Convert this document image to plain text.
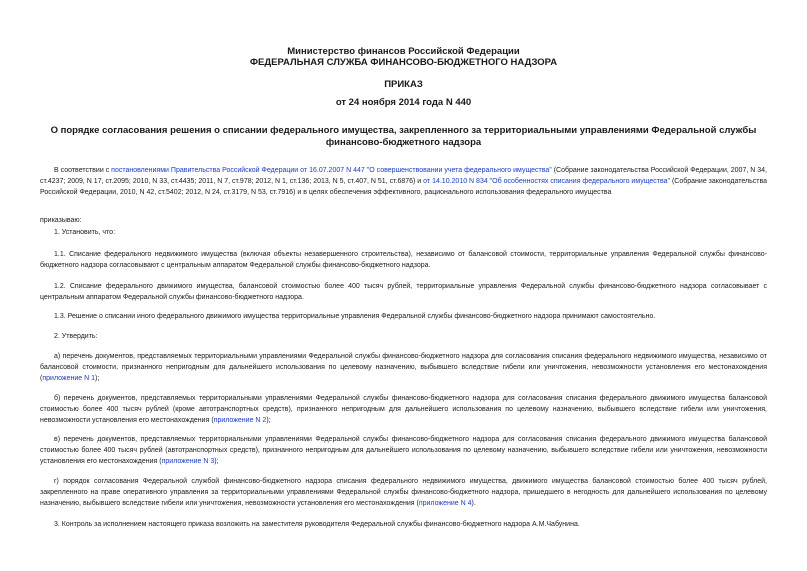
Министерство финансов Российской Федерации
ФЕДЕРАЛЬНАЯ СЛУЖБА ФИНАНСОВО-БЮДЖЕТНОГО НАДЗОРА
ПРИКАЗ
от 24 ноября 2014 года N 440
О порядке согласования решения о списании федерального имущества, закрепленного за территориальными управлениями Федеральной службы финансово-бюджетного надзора
В соответствии с постановлениями Правительства Российской Федерации от 16.07.2007 N 447 "О совершенствовании учета федерального имущества" (Собрание законодательства Российской Федерации, 2007, N 34, ст.4237; 2009, N 17, ст.2095; 2010, N 33, ст.4435; 2011, N 7, ст.978; 2012, N 1, ст.136; 2013, N 5, ст.407, N 51, ст.6876) и от 14.10.2010 N 834 "Об особенностях списания федерального имущества" (Собрание законодательства Российской Федерации, 2010, N 42, ст.5402; 2012, N 24, ст.3179, N 53, ст.7916) и в целях обеспечения эффективного, рационального использования федерального имущества
приказываю:
1. Установить, что:
1.1. Списание федерального недвижимого имущества (включая объекты незавершенного строительства), независимо от балансовой стоимости, территориальные управления Федеральной службы финансово-бюджетного надзора согласовывают с центральным аппаратом Федеральной службы финансово-бюджетного надзора.
1.2. Списание федерального движимого имущества, балансовой стоимостью более 400 тысяч рублей, территориальные управления Федеральной службы финансово-бюджетного надзора согласовывает с центральным аппаратом Федеральной службы финансово-бюджетного надзора.
1.3. Решение о списании иного федерального движимого имущества территориальные управления Федеральной службы финансово-бюджетного надзора принимают самостоятельно.
2. Утвердить:
а) перечень документов, представляемых территориальными управлениями Федеральной службы финансово-бюджетного надзора для согласования списания федерального недвижимого имущества, независимо от балансовой стоимости, признанного непригодным для дальнейшего использования по целевому назначению, выбывшего вследствие гибели или уничтожения, невозможности установления его местонахождения (приложение N 1);
б) перечень документов, представляемых территориальными управлениями Федеральной службы финансово-бюджетного надзора для согласования списания федерального движимого имущества балансовой стоимостью более 400 тысяч рублей (кроме автотранспортных средств), признанного непригодным для дальнейшего использования по целевому назначению, выбывшего вследствие гибели или уничтожения, невозможности установления его местонахождения (приложение N 2);
в) перечень документов, представляемых территориальными управлениями Федеральной службы финансово-бюджетного надзора для согласования списания федерального движимого имущества балансовой стоимостью более 400 тысяч рублей (автотранспортных средств), признанного непригодным для дальнейшего использования по целевому назначению, выбывшего вследствие гибели или уничтожения, невозможности установления его местонахождения (приложение N 3);
г) порядок согласования Федеральной службой финансово-бюджетного надзора списания федерального недвижимого имущества, движимого имущества балансовой стоимостью более 400 тысяч рублей, закрепленного на праве оперативного управления за территориальными управлениями Федеральной службы финансово-бюджетного надзора, пришедшего в негодность для дальнейшего использования по целевому назначению, выбывшего вследствие гибели или уничтожения, невозможности установления его местонахождения (приложение N 4).
3. Контроль за исполнением настоящего приказа возложить на заместителя руководителя Федеральной службы финансово-бюджетного надзора А.М.Чабунина.
